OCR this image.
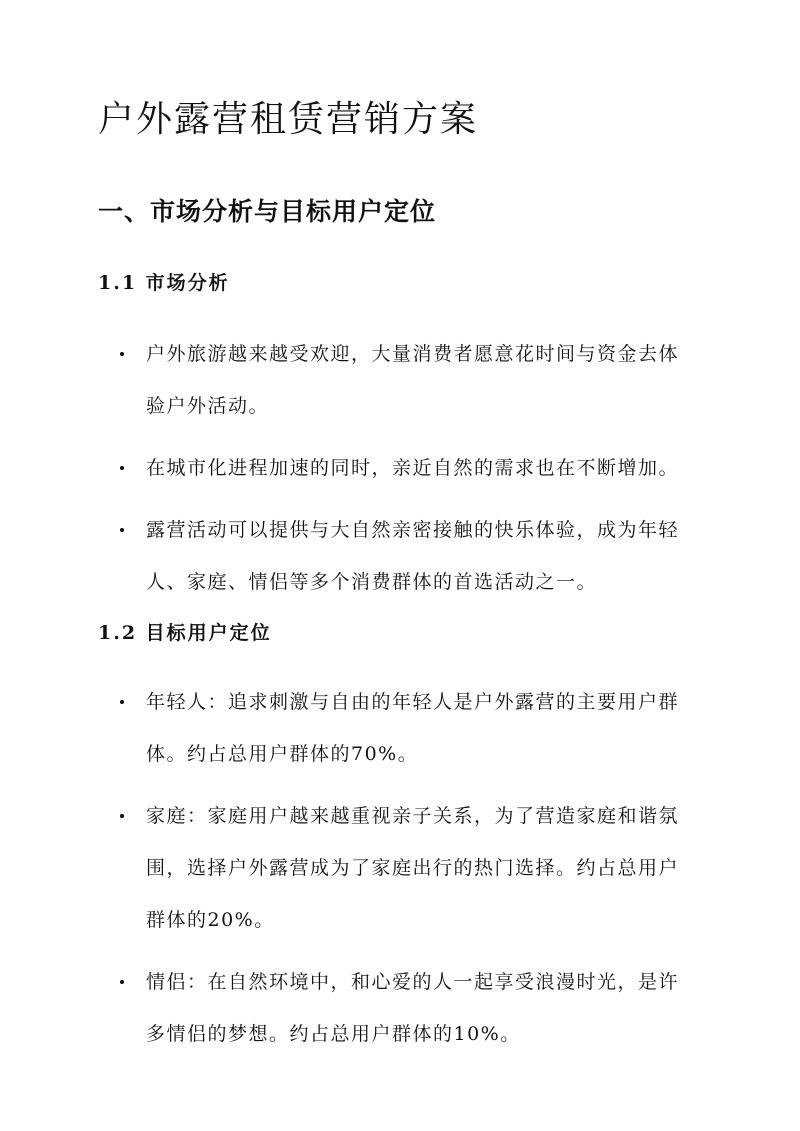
户外露营租赁营销方案
一、市场分析与目标用户定位
1.1 市场分析
户外旅游越来越受欢迎，大量消费者愿意花时间与资金去体验户外活动。
在城市化进程加速的同时，亲近自然的需求也在不断增加。
露营活动可以提供与大自然亲密接触的快乐体验，成为年轻人、家庭、情侣等多个消费群体的首选活动之一。
1.2 目标用户定位
年轻人：追求刺激与自由的年轻人是户外露营的主要用户群体。约占总用户群体的70%。
家庭：家庭用户越来越重视亲子关系，为了营造家庭和谐氛围，选择户外露营成为了家庭出行的热门选择。约占总用户群体的20%。
情侣：在自然环境中，和心爱的人一起享受浪漫时光，是许多情侣的梦想。约占总用户群体的10%。
